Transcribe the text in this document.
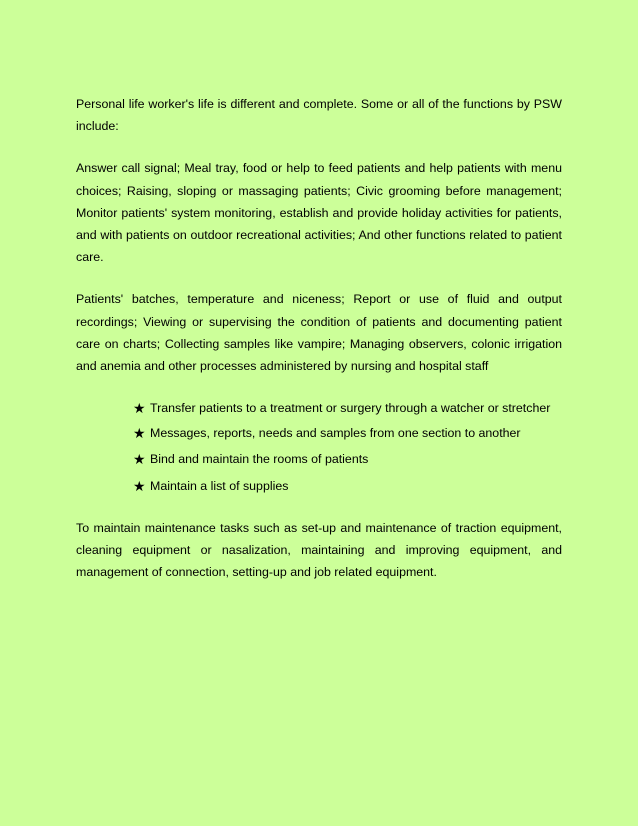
Personal life worker's life is different and complete. Some or all of the functions by PSW include:

Answer call signal; Meal tray, food or help to feed patients and help patients with menu choices; Raising, sloping or massaging patients; Civic grooming before management; Monitor patients' system monitoring, establish and provide holiday activities for patients, and with patients on outdoor recreational activities; And other functions related to patient care.

Patients' batches, temperature and niceness; Report or use of fluid and output recordings; Viewing or supervising the condition of patients and documenting patient care on charts; Collecting samples like vampire; Managing observers, colonic irrigation and anemia and other processes administered by nursing and hospital staff

★ Transfer patients to a treatment or surgery through a watcher or stretcher
★ Messages, reports, needs and samples from one section to another
★ Bind and maintain the rooms of patients
★ Maintain a list of supplies

To maintain maintenance tasks such as set-up and maintenance of traction equipment, cleaning equipment or nasalization, maintaining and improving equipment, and management of connection, setting-up and job related equipment.
